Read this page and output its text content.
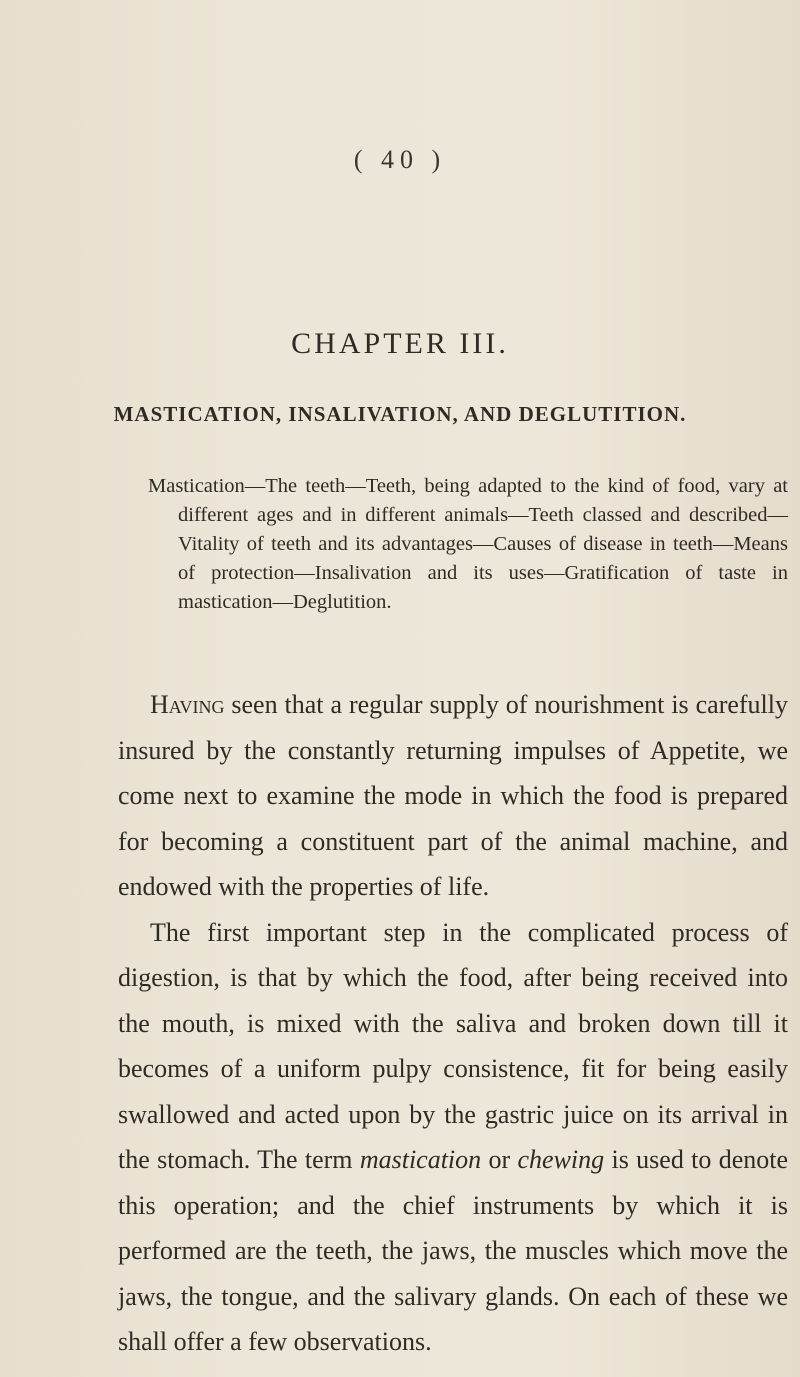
( 40 )
CHAPTER III.
MASTICATION, INSALIVATION, AND DEGLUTITION.
Mastication—The teeth—Teeth, being adapted to the kind of food, vary at different ages and in different animals—Teeth classed and described—Vitality of teeth and its advantages—Causes of disease in teeth—Means of protection—Insalivation and its uses—Gratification of taste in mastication—Deglutition.

Having seen that a regular supply of nourishment is carefully insured by the constantly returning impulses of Appetite, we come next to examine the mode in which the food is prepared for becoming a constituent part of the animal machine, and endowed with the properties of life.

The first important step in the complicated process of digestion, is that by which the food, after being received into the mouth, is mixed with the saliva and broken down till it becomes of a uniform pulpy consistence, fit for being easily swallowed and acted upon by the gastric juice on its arrival in the stomach. The term mastication or chewing is used to denote this operation; and the chief instruments by which it is performed are the teeth, the jaws, the muscles which move the jaws, the tongue, and the salivary glands. On each of these we shall offer a few observations.
